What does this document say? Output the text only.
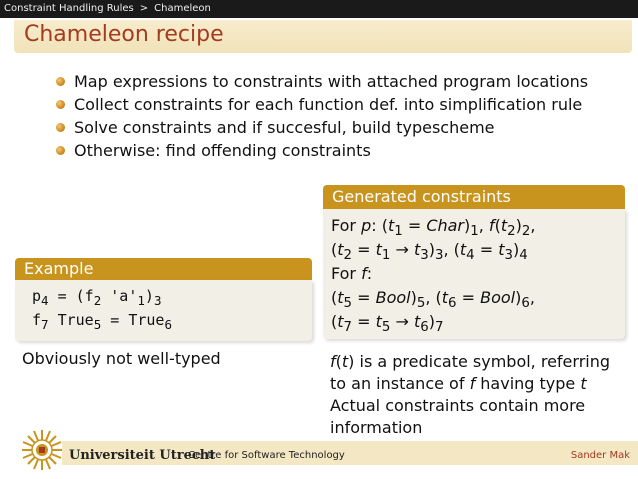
Constraint Handling Rules > Chameleon
Chameleon recipe
Map expressions to constraints with attached program locations
Collect constraints for each function def. into simplification rule
Solve constraints and if succesful, build typescheme
Otherwise: find offending constraints
Generated constraints
For p: ($t_1$ = $Char)_1$, $f(t_2)_2$,
$(t_2 = t_1 \to t_3)_3$, $(t_4 = t_3)_4$
For f:
($t_5$ = $Bool)_5$, ($t_6$ = $Bool)_6$,
$(t_7 = t_5 \to t_6)_7$
Example
$p_4 = (f_2$ '$a'_1)_3$
$f_7$ True$_5$ = True$_6$
Obviously not well-typed	f(t) is a predicate symbol, referring to an instance of f having type t Actual constraints contain more information

Universiteit Utrecht
Centre for Software Technology	Sander Mak
